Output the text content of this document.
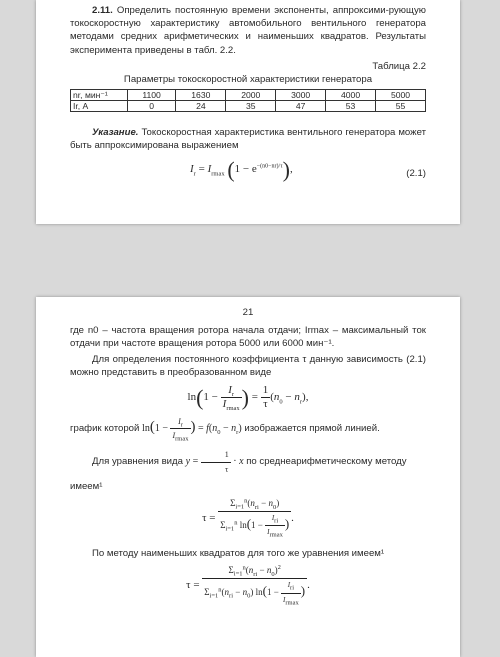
2.11. Определить постоянную времени экспоненты, аппроксими-рующую токоскоростную характеристику автомобильного вентильного генератора методами средних арифметических и наименьших квадратов. Результаты эксперимента приведены в табл. 2.2.

Таблица 2.2
Параметры токоскоростной характеристики генератора
nr, мин⁻¹	1100	1630	2000	3000	4000	5000
Ir, А	0	24	35	47	53	55

Указание. Токоскоростная характеристика вентильного генератора может быть аппроксимирована выражением

$I_r = I_{rmax}$ $(1 - e^{-(n0-nr)/\tau})$,	(2.1)
21

где n0 – частота вращения ротора начала отдачи; Irmax – максимальный ток отдачи при частоте вращения ротора 5000 или 6000 мин⁻¹.

Для определения постоянного коэффициента τ данную зависимость (2.1) можно представить в преобразованном виде

$\ln(1 - \frac{I_r}{I_{rmax}}$ ) = $\frac{1}{\tau} (n_0 - n_r)$,

график которой $\ln(1 - \frac{I_r}{I_{rmax}}$ ) = $f(n_0 - n_r)$ изображается прямой линией.

Для уравнения вида $y = \frac{1}{\tau} \cdot x$ по среднеарифметическому методу

имеем¹

$\tau = \frac{\Sigma_{i=1}^n(n_{ri} - n_0)}{\Sigma_{i=1}^n \ln(1 - \frac{I_{ri}}{I_{rmax}} )}$ .

По методу наименьших квадратов для того же уравнения имеем¹

$\tau = \frac{\Sigma_{i=1}^n(n_{ri} - n_0)^2}{\Sigma_{i=1}^n(n_{ri} - n_0) \ln(1 - \frac{I_{ri}}{I_{rmax}} )}$ .
